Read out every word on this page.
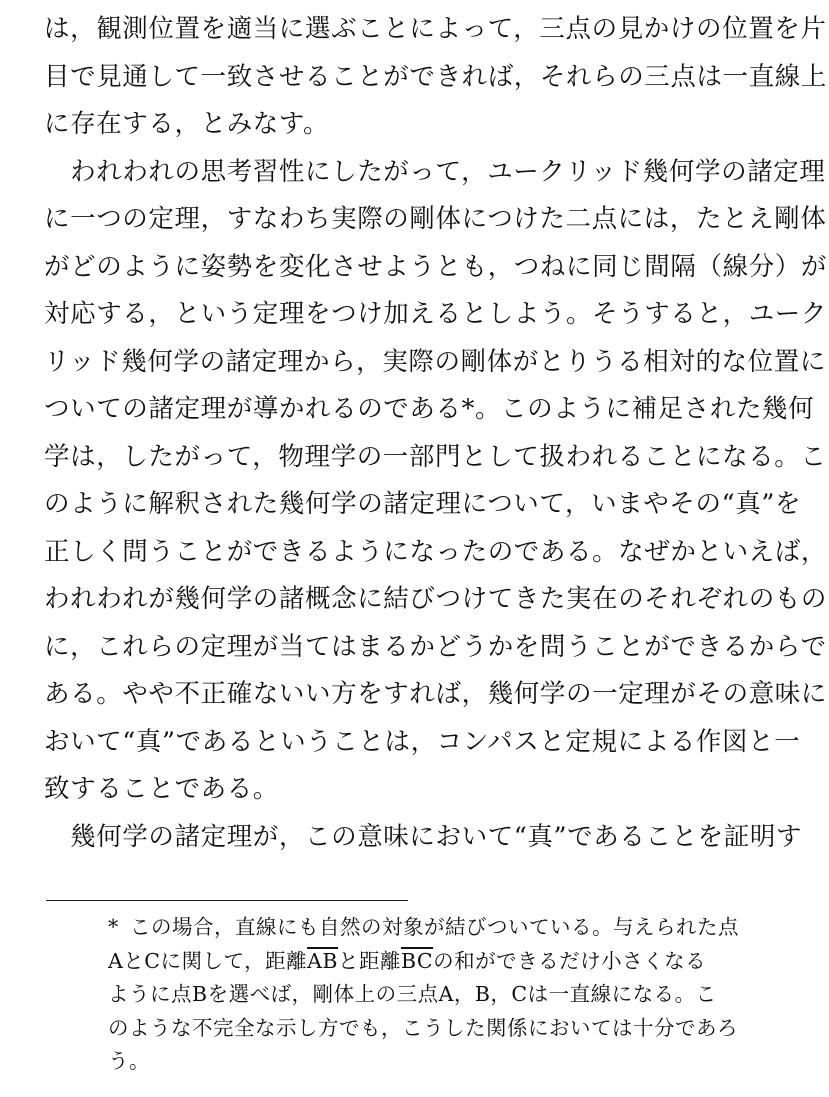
は，観測位置を適当に選ぶことによって，三点の見かけの位置を片
目で見通して一致させることができれば，それらの三点は一直線上
に存在する，とみなす。
　われわれの思考習性にしたがって，ユークリッド幾何学の諸定理
に一つの定理，すなわち実際の剛体につけた二点には，たとえ剛体
がどのように姿勢を変化させようとも，つねに同じ間隔（線分）が
対応する，という定理をつけ加えるとしよう。そうすると，ユーク
リッド幾何学の諸定理から，実際の剛体がとりうる相対的な位置に
ついての諸定理が導かれるのである*。このように補足された幾何
学は，したがって，物理学の一部門として扱われることになる。こ
のように解釈された幾何学の諸定理について，いまやその“真”を
正しく問うことができるようになったのである。なぜかといえば，
われわれが幾何学の諸概念に結びつけてきた実在のそれぞれのもの
に，これらの定理が当てはまるかどうかを問うことができるからで
ある。やや不正確ないい方をすれば，幾何学の一定理がその意味に
おいて“真”であるということは，コンパスと定規による作図と一
致することである。
　幾何学の諸定理が，この意味において“真”であることを証明す
* この場合，直線にも自然の対象が結びついている。与えられた点
AとCに関して，距離$\overline{AB}$と距離$\overline{BC}$の和ができるだけ小さくなる
ように点Bを選べば，剛体上の三点A，B，Cは一直線になる。こ
のような不完全な示し方でも，こうした関係においては十分であろ
う。
